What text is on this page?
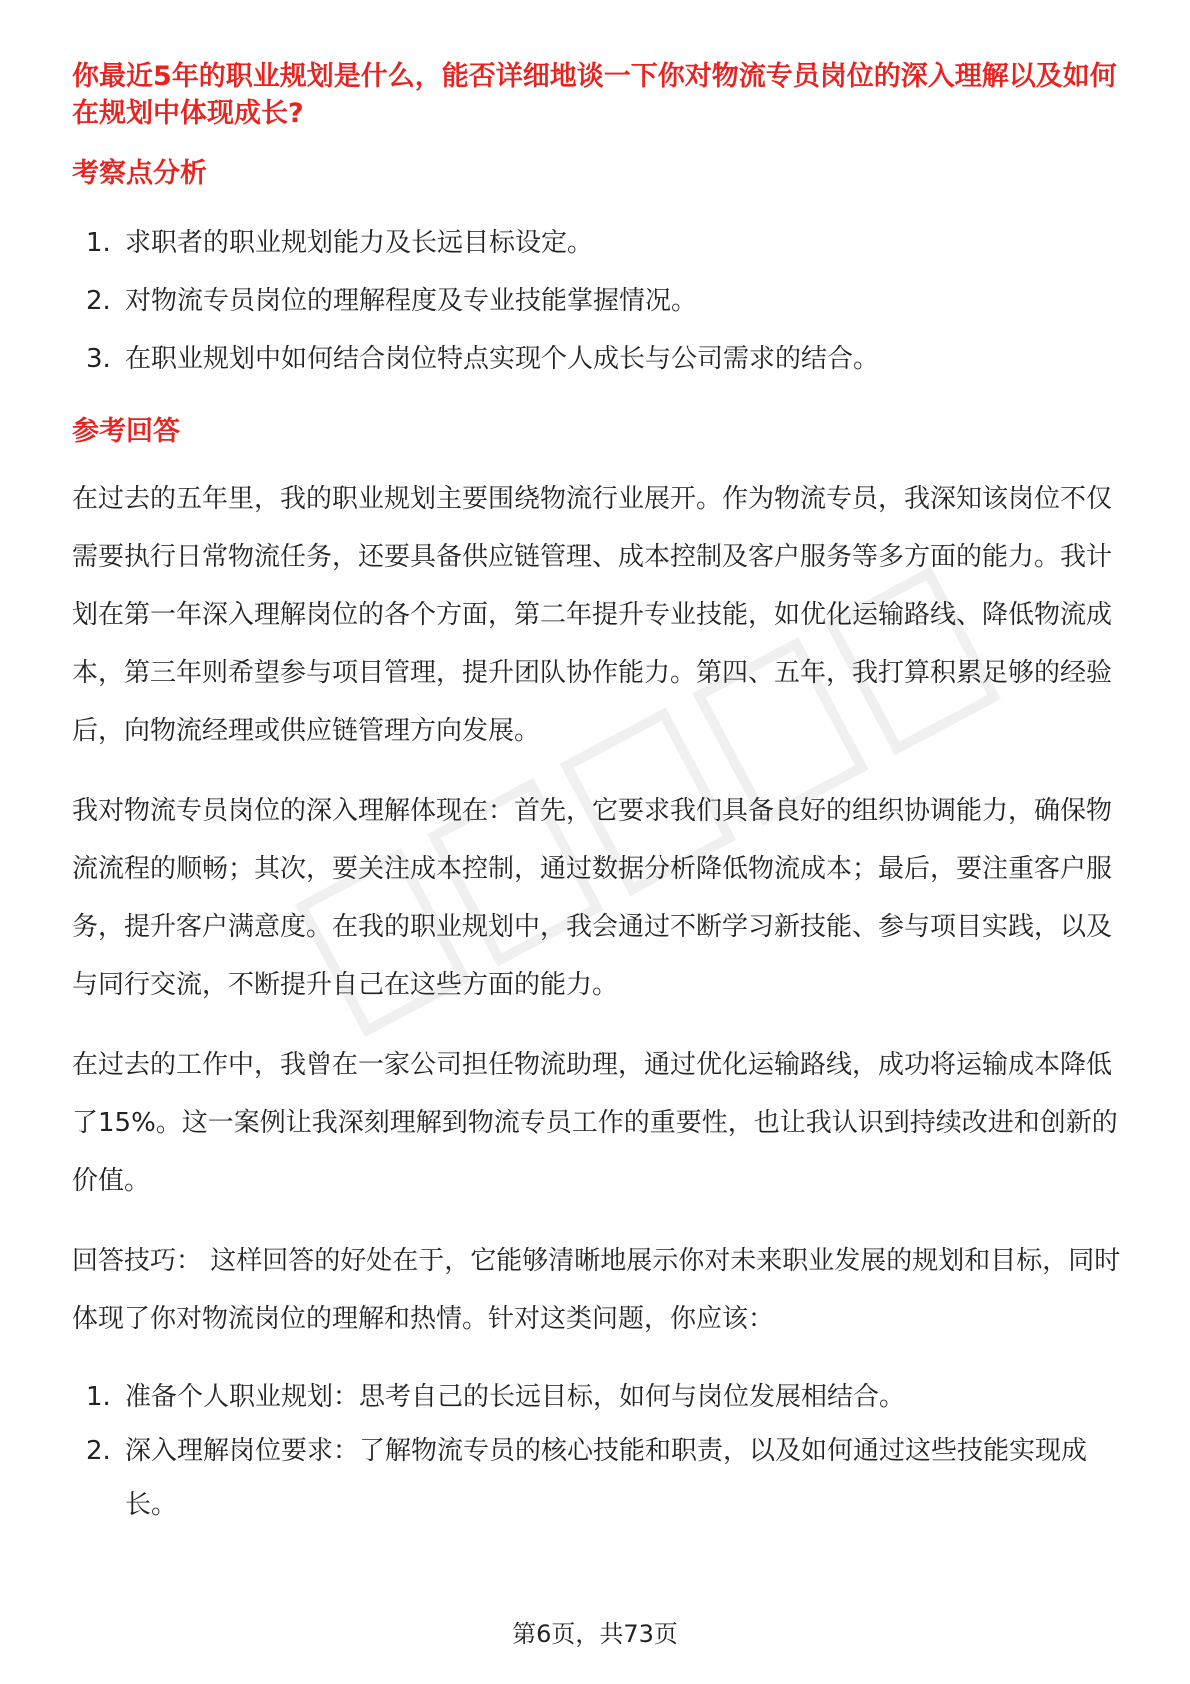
你最近5年的职业规划是什么，能否详细地谈一下你对物流专员岗位的深入理解以及如何在规划中体现成长?
考察点分析
1. 求职者的职业规划能力及长远目标设定。
2. 对物流专员岗位的理解程度及专业技能掌握情况。
3. 在职业规划中如何结合岗位特点实现个人成长与公司需求的结合。
参考回答

在过去的五年里，我的职业规划主要围绕物流行业展开。作为物流专员，我深知该岗位不仅需要执行日常物流任务，还要具备供应链管理、成本控制及客户服务等多方面的能力。我计划在第一年深入理解岗位的各个方面，第二年提升专业技能，如优化运输路线、降低物流成本，第三年则希望参与项目管理，提升团队协作能力。第四、五年，我打算积累足够的经验后，向物流经理或供应链管理方向发展。

我对物流专员岗位的深入理解体现在：首先，它要求我们具备良好的组织协调能力，确保物流流程的顺畅；其次，要关注成本控制，通过数据分析降低物流成本；最后，要注重客户服务，提升客户满意度。在我的职业规划中，我会通过不断学习新技能、参与项目实践，以及与同行交流，不断提升自己在这些方面的能力。

在过去的工作中，我曾在一家公司担任物流助理，通过优化运输路线，成功将运输成本降低了15%。这一案例让我深刻理解到物流专员工作的重要性，也让我认识到持续改进和创新的价值。

回答技巧： 这样回答的好处在于，它能够清晰地展示你对未来职业发展的规划和目标，同时体现了你对物流岗位的理解和热情。针对这类问题，你应该：

1. 准备个人职业规划：思考自己的长远目标，如何与岗位发展相结合。
2. 深入理解岗位要求：了解物流专员的核心技能和职责，以及如何通过这些技能实现成长。
第6页，共73页
